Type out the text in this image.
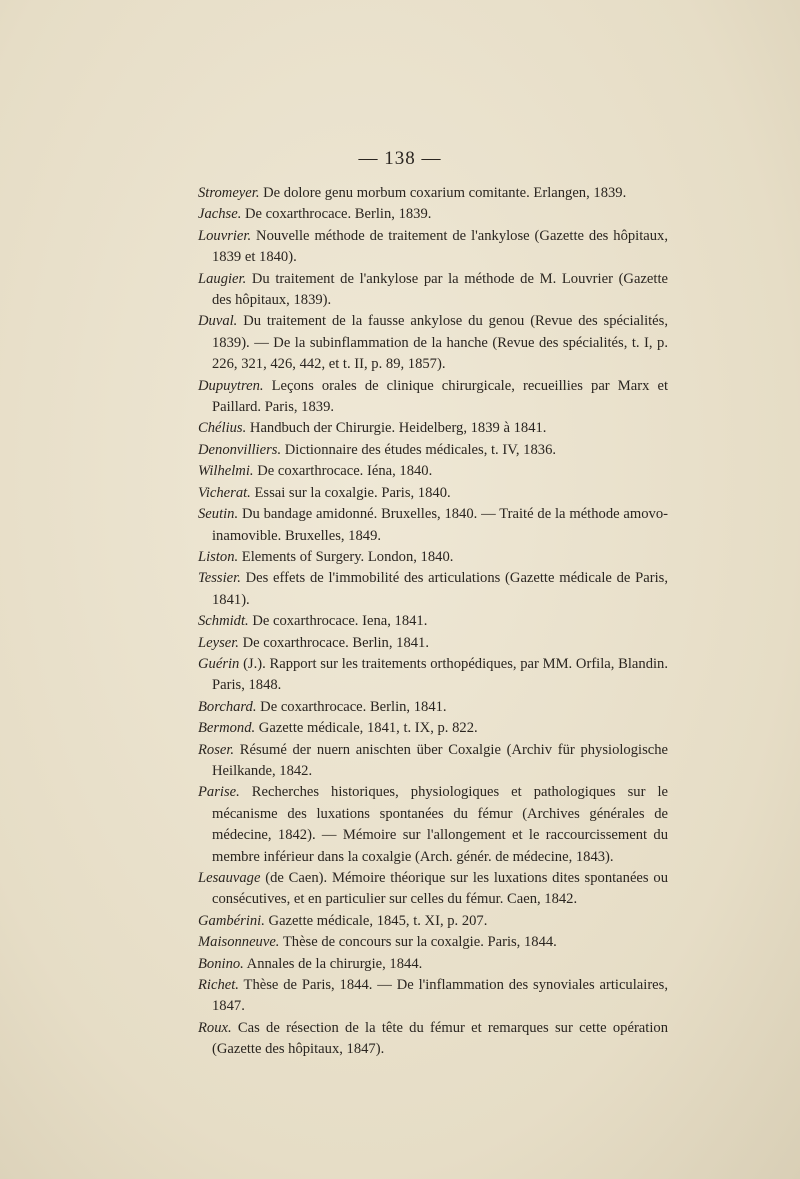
— 138 —

Stromeyer. De dolore genu morbum coxarium comitante. Erlangen, 1839.

Jachse. De coxarthrocace. Berlin, 1839.

Louvrier. Nouvelle méthode de traitement de l'ankylose (Gazette des hôpitaux, 1839 et 1840).

Laugier. Du traitement de l'ankylose par la méthode de M. Louvrier (Gazette des hôpitaux, 1839).

Duval. Du traitement de la fausse ankylose du genou (Revue des spécialités, 1839). — De la subinflammation de la hanche (Revue des spécialités, t. I, p. 226, 321, 426, 442, et t. II, p. 89, 1857).

Dupuytren. Leçons orales de clinique chirurgicale, recueillies par Marx et Paillard. Paris, 1839.

Chélius. Handbuch der Chirurgie. Heidelberg, 1839 à 1841.

Denonvilliers. Dictionnaire des études médicales, t. IV, 1836.

Wilhelmi. De coxarthrocace. Iéna, 1840.

Vicherat. Essai sur la coxalgie. Paris, 1840.

Seutin. Du bandage amidonné. Bruxelles, 1840. — Traité de la méthode amovo-inamovible. Bruxelles, 1849.

Liston. Elements of Surgery. London, 1840.

Tessier. Des effets de l'immobilité des articulations (Gazette médicale de Paris, 1841).

Schmidt. De coxarthrocace. Iena, 1841.

Leyser. De coxarthrocace. Berlin, 1841.

Guérin (J.). Rapport sur les traitements orthopédiques, par MM. Orfila, Blandin. Paris, 1848.

Borchard. De coxarthrocace. Berlin, 1841.

Bermond. Gazette médicale, 1841, t. IX, p. 822.

Roser. Résumé der nuern anischten über Coxalgie (Archiv für physiologische Heilkande, 1842.

Parise. Recherches historiques, physiologiques et pathologiques sur le mécanisme des luxations spontanées du fémur (Archives générales de médecine, 1842). — Mémoire sur l'allongement et le raccourcissement du membre inférieur dans la coxalgie (Arch. génér. de médecine, 1843).

Lesauvage (de Caen). Mémoire théorique sur les luxations dites spontanées ou consécutives, et en particulier sur celles du fémur. Caen, 1842.

Gambérini. Gazette médicale, 1845, t. XI, p. 207.

Maisonneuve. Thèse de concours sur la coxalgie. Paris, 1844.

Bonino. Annales de la chirurgie, 1844.

Richet. Thèse de Paris, 1844. — De l'inflammation des synoviales articulaires, 1847.

Roux. Cas de résection de la tête du fémur et remarques sur cette opération (Gazette des hôpitaux, 1847).
